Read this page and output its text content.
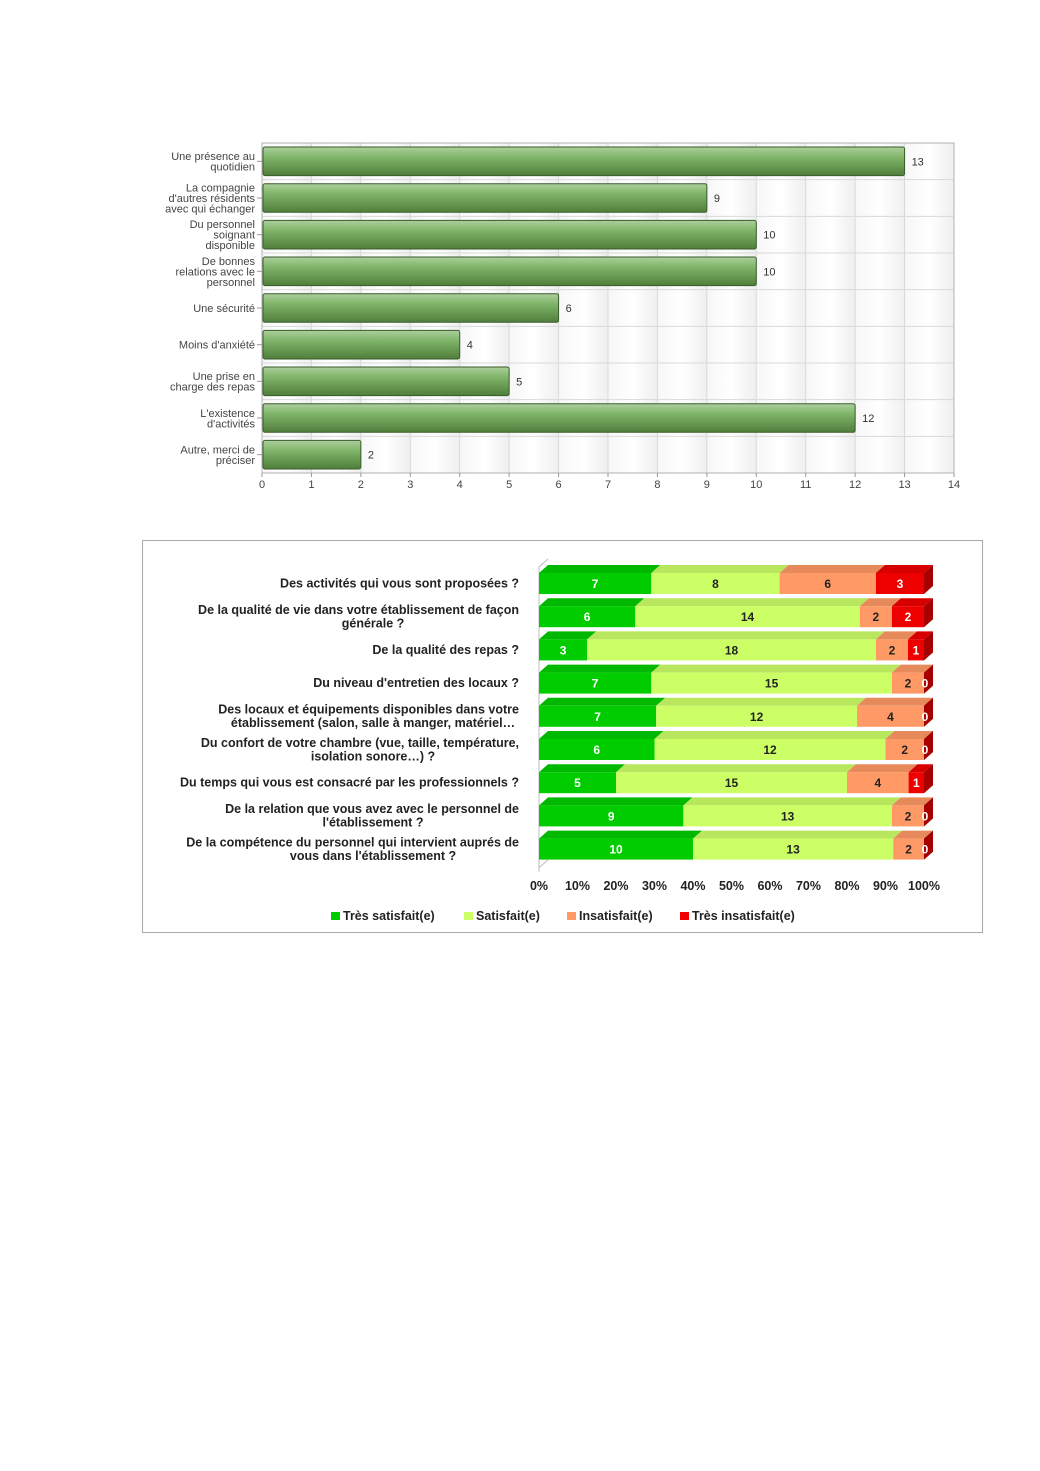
13
Une présence au
quotidien
9
La compagnie
d'autres résidents
avec qui échanger
10
Du personnel
soignant
disponible
10
De bonnes
relations avec le
personnel
6
Une sécurité
4
Moins d'anxiété
5
Une prise en
charge des repas
12
L'existence
d'activités
2
Autre, merci de
préciser
0	1	2	3	4	5	6	7	8	9	10	11	12	13	14
7	8	6	3
Des activités qui vous sont proposées ?
6	14	2 2
De la qualité de vie dans votre établissement de façon
générale ?
3	18	2 1
De la qualité des repas ?
7	15	2 0
Du niveau d'entretien des locaux ?
7	12	4 0
Des locaux et équipements disponibles dans votre
établissement (salon, salle à manger, matériel…
6	12	2 0
Du confort de votre chambre (vue, taille, température,
isolation sonore…) ?
5	15	4	1
Du temps qui vous est consacré par les professionnels ?
9	13	2 0
De la relation que vous avez avec le personnel de
l'établissement ?
10	13	2 0
De la compétence du personnel qui intervient auprés de
vous dans l'établissement ?
0% 10% 20% 30% 40% 50% 60% 70% 80% 90% 100%
Très satisfait(e)	Satisfait(e)	Insatisfait(e)	Très insatisfait(e)
